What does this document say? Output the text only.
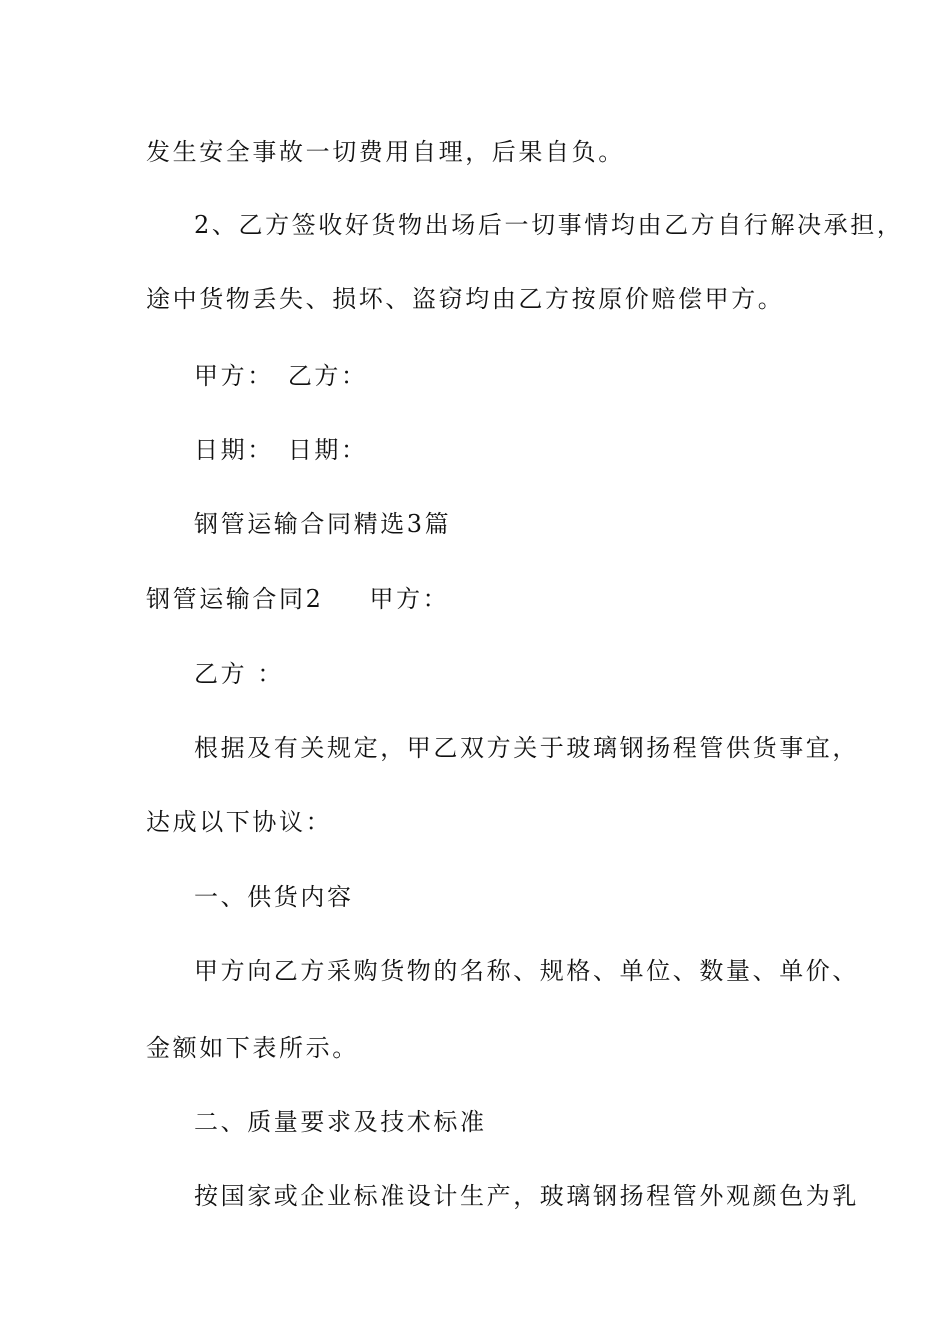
发生安全事故一切费用自理，后果自负。
2、乙方签收好货物出场后一切事情均由乙方自行解决承担，
途中货物丢失、损坏、盗窃均由乙方按原价赔偿甲方。
甲方： 乙方：
日期： 日期：
钢管运输合同精选3篇
钢管运输合同2 甲方：
乙方 ：
根据及有关规定，甲乙双方关于玻璃钢扬程管供货事宜，
达成以下协议：
一、供货内容
甲方向乙方采购货物的名称、规格、单位、数量、单价、
金额如下表所示。
二、质量要求及技术标准
按国家或企业标准设计生产，玻璃钢扬程管外观颜色为乳
